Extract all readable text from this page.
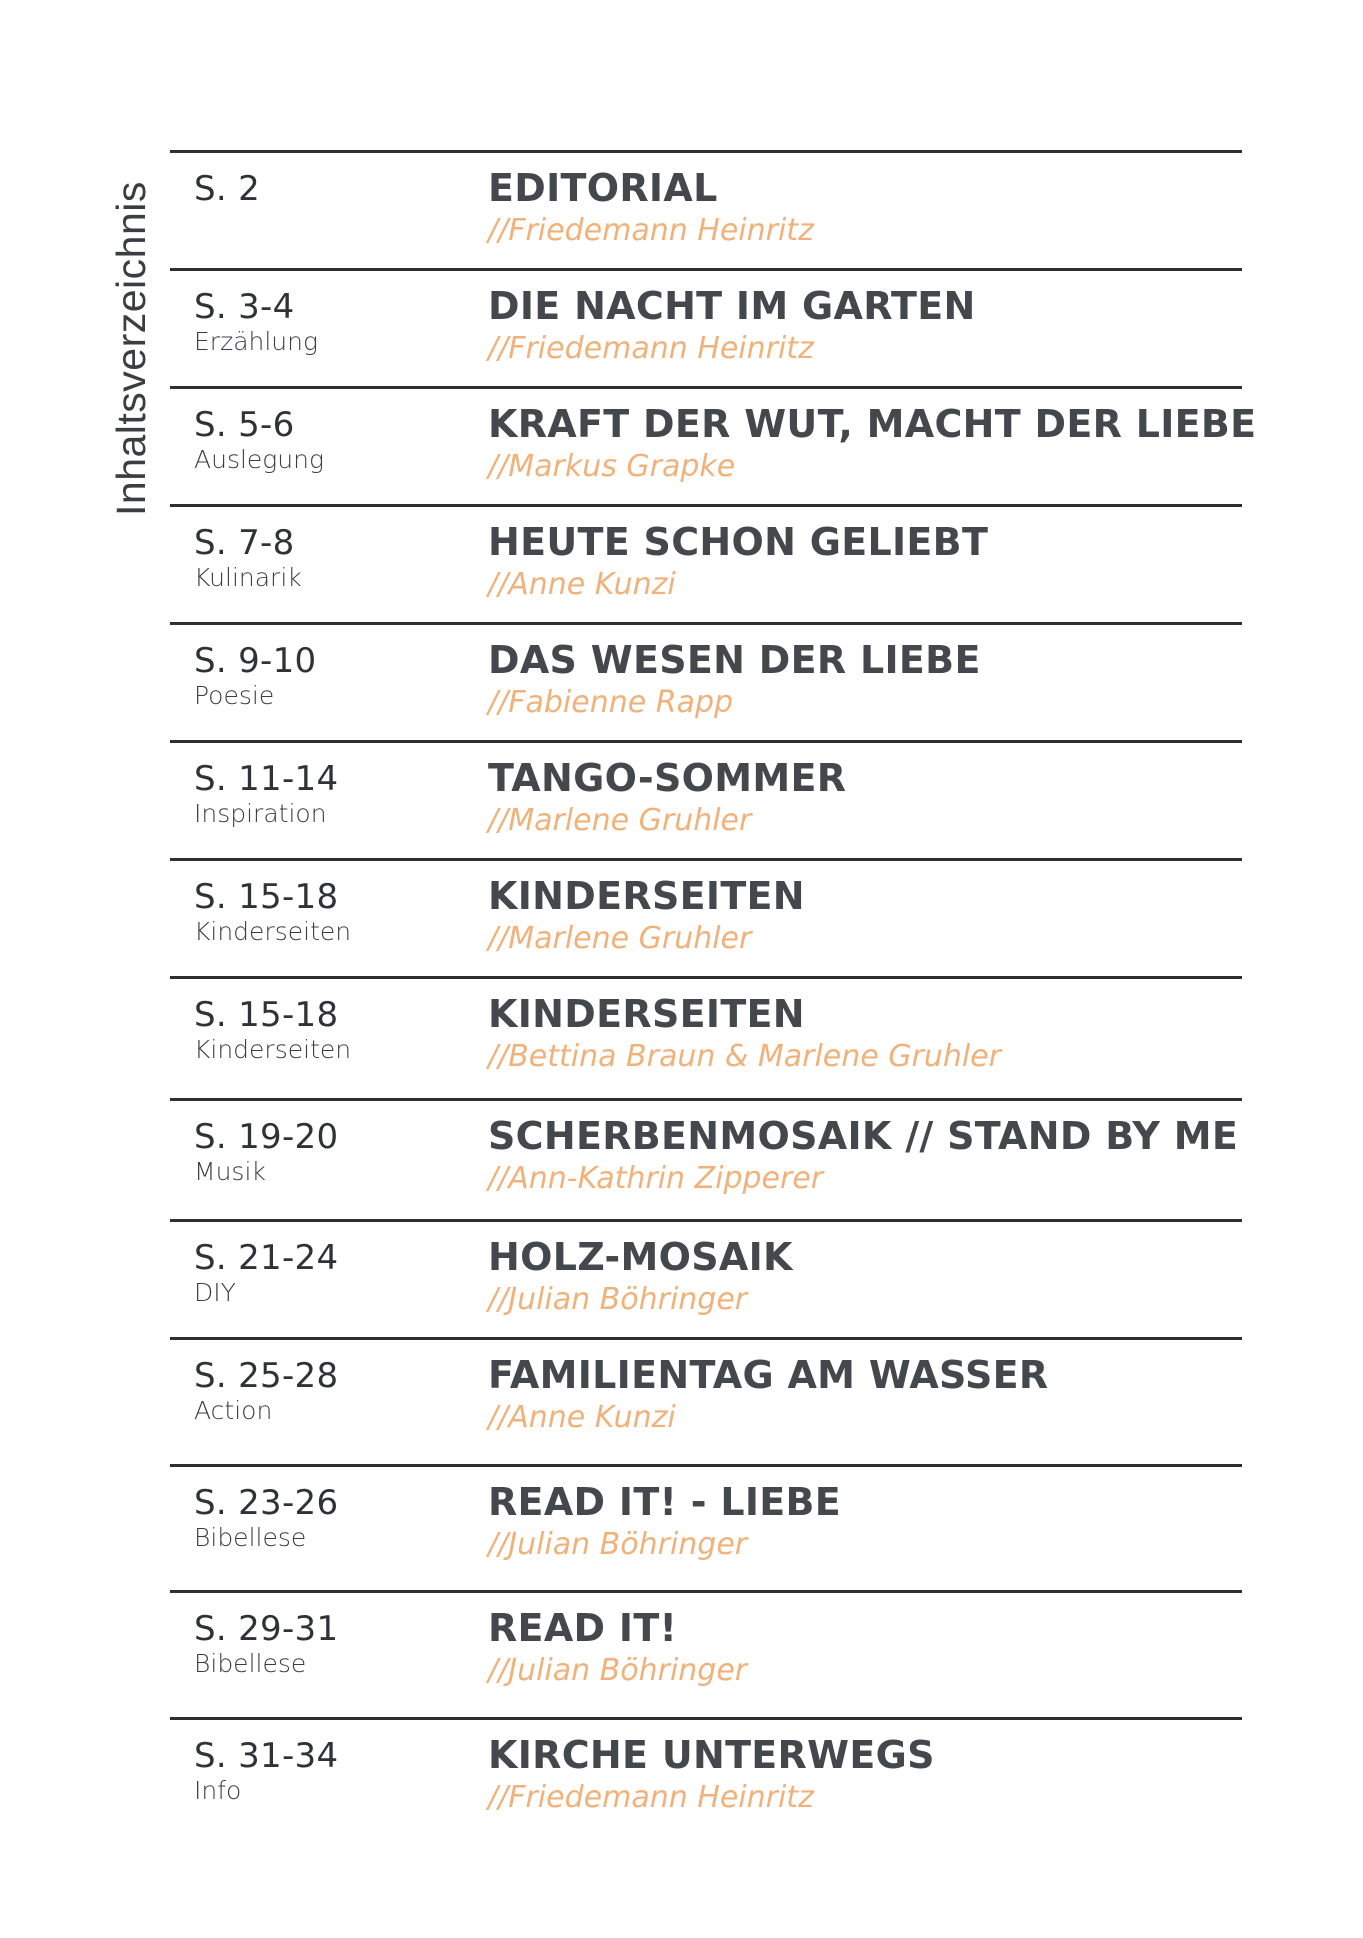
Inhaltsverzeichnis S. 2	EDITORIAL
//Friedemann Heinritz
S. 3-4
Erzählung
DIE NACHT IM GARTEN
//Friedemann Heinritz
S. 5-6
Auslegung
KRAFT DER WUT, MACHT DER LIEBE
//Markus Grapke
S. 7-8
Kulinarik
HEUTE SCHON GELIEBT
//Anne Kunzi
S. 9-10
Poesie
DAS WESEN DER LIEBE
//Fabienne Rapp
S. 11-14
Inspiration
TANGO-SOMMER
//Marlene Gruhler
S. 15-18
Kinderseiten
KINDERSEITEN
//Marlene Gruhler
S. 15-18
Kinderseiten
KINDERSEITEN
//Bettina Braun & Marlene Gruhler
S. 19-20
Musik
SCHERBENMOSAIK // STAND BY ME
//Ann-Kathrin Zipperer
S. 21-24
DIY
HOLZ-MOSAIK
//Julian Böhringer
S. 25-28
Action
FAMILIENTAG AM WASSER
//Anne Kunzi
S. 23-26
Bibellese
READ IT! - LIEBE
//Julian Böhringer
S. 29-31
Bibellese
READ IT!
//Julian Böhringer
S. 31-34
Info
KIRCHE UNTERWEGS
//Friedemann Heinritz
